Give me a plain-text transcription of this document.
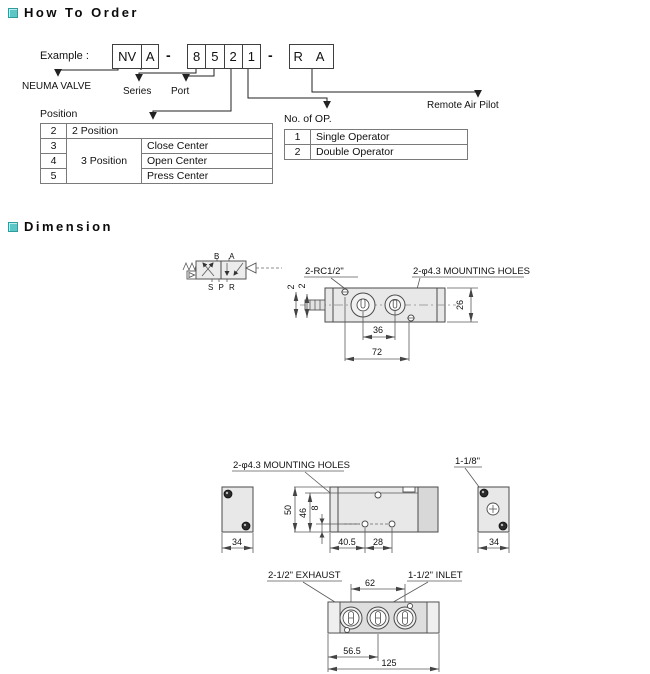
B A
S P R
2-RC1/2"	2-φ4.3 MOUNTING HOLES
2 2
26
36
72
34
2-φ4.3 MOUNTING HOLES
50 46 8
40.5 28
1-1/8"
34
2-1/2" EXHAUST	1-1/2" INLET
62
56.5
125
How To Order
Example :	NV A -	8 5 2 1 - R A
NEUMA VALVE	Series Port
Remote Air Pilot
Position
2	2 Position	
3	3 Position	Close Center
4		Open Center
5		Press Center
No. of OP.
1	Single Operator
2	Double Operator
Dimension
